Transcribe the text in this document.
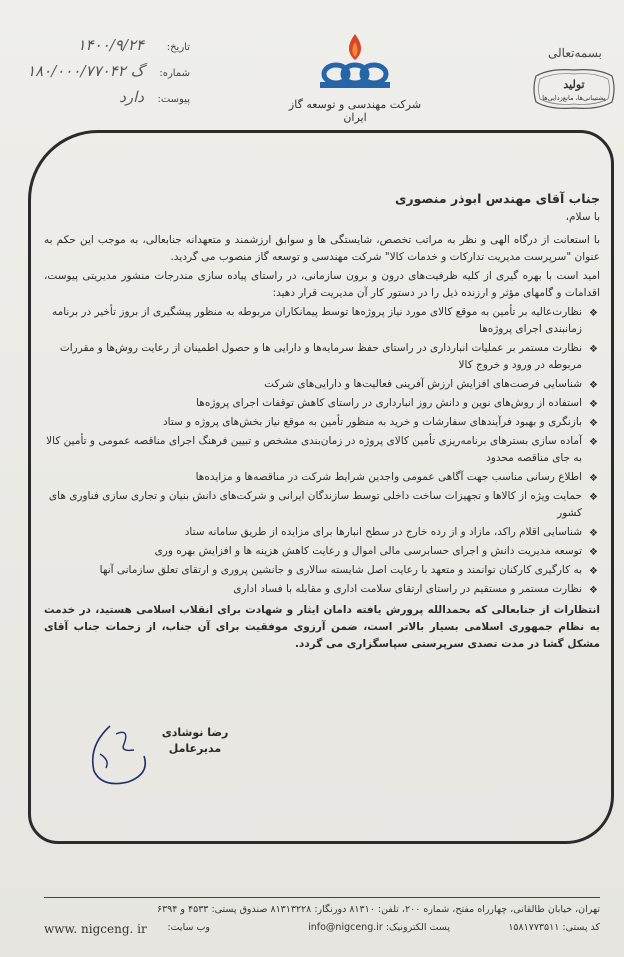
بسمه‌تعالی
تولید
پشتیبانی‌ها، مانع‌زدایی‌ها
شرکت مهندسی و توسعه گاز ایران
تاریخ:
۱۴۰۰/۹/۲۴
شماره:
گ ۱۸۰/۰۰۰/۷۷۰۴۲
پیوست:
دارد

جناب آقای مهندس ابوذر منصوری

با سلام،

با استعانت از درگاه الهی و نظر به مراتب تخصص، شایستگی ها و سوابق ارزشمند و متعهدانه جنابعالی، به موجب این حکم به عنوان "سرپرست مدیریت تدارکات و خدمات کالا" شرکت مهندسی و توسعه گاز منصوب می گردید.

امید است با بهره گیری از کلیه ظرفیت‌های درون و برون سازمانی، در راستای پیاده سازی مندرجات منشور مدیریتی پیوست، اقدامات و گامهای مؤثر و ارزنده ذیل را در دستور کار آن مدیریت قرار دهید:

❖
نظارت‌عالیه بر تأمین به موقع کالای مورد نیاز پروژه‌ها توسط پیمانکاران مربوطه به منظور پیشگیری از بروز تأخیر در برنامه زمانبندی اجرای پروژه‌ها
❖
نظارت مستمر بر عملیات انبارداری در راستای حفظ سرمایه‌ها و دارایی ها و حصول اطمینان از رعایت روش‌ها و مقررات مربوطه در ورود و خروج کالا
❖
شناسایی فرصت‌های افزایش ارزش آفرینی فعالیت‌ها و دارایی‌های شرکت
❖
استفاده از روش‌های نوین و دانش روز انبارداری در راستای کاهش توقفات اجرای پروژه‌ها
❖
بازنگری و بهبود فرآیندهای سفارشات و خرید به منظور تأمین به موقع نیاز بخش‌های پروژه و ستاد
❖
آماده سازی بسترهای برنامه‌ریزی تأمین کالای پروژه در زمان‌بندی مشخص و تبیین فرهنگ اجرای مناقصه عمومی و تأمین کالا به جای مناقصه محدود
❖
اطلاع رسانی مناسب جهت آگاهی عمومی واجدین شرایط شرکت در مناقصه‌ها و مزایده‌ها
❖
حمایت ویژه از کالاها و تجهیزات ساخت داخلی توسط سازندگان ایرانی و شرکت‌های دانش بنیان و تجاری سازی فناوری های کشور
❖
شناسایی اقلام راکد، مازاد و از رده خارج در سطح انبارها برای مزایده از طریق سامانه ستاد
❖
توسعه مدیریت دانش و اجرای حسابرسی مالی اموال و رعایت کاهش هزینه ها و افزایش بهره وری
❖
به کارگیری کارکنان توانمند و متعهد با رعایت اصل شایسته سالاری و جانشین پروری و ارتقای تعلق سازمانی آنها
❖
نظارت مستمر و مستقیم در راستای ارتقای سلامت اداری و مقابله با فساد اداری

انتظارات از جنابعالی که بحمدالله پرورش یافته دامان ایثار و شهادت برای انقلاب اسلامی هستید، در خدمت به نظام جمهوری اسلامی بسیار بالاتر است، ضمن آرزوی موفقیت برای آن جناب، از زحمات جناب آقای مشکل گشا در مدت تصدی سرپرستی سپاسگزاری می گردد.

رضا نوشادی
مدیرعامل
تهران، خیابان طالقانی، چهارراه مفتح، شماره ۲۰۰، تلفن: ۸۱۳۱۰ دورنگار: ۸۱۳۱۳۲۲۸ صندوق پستی: ۴۵۳۳ و ۶۳۹۴
کد پستی: ۱۵۸۱۷۷۳۵۱۱
پست الکترونیک: info@nigceng.ir
وب سایت:
www. nigceng. ir
